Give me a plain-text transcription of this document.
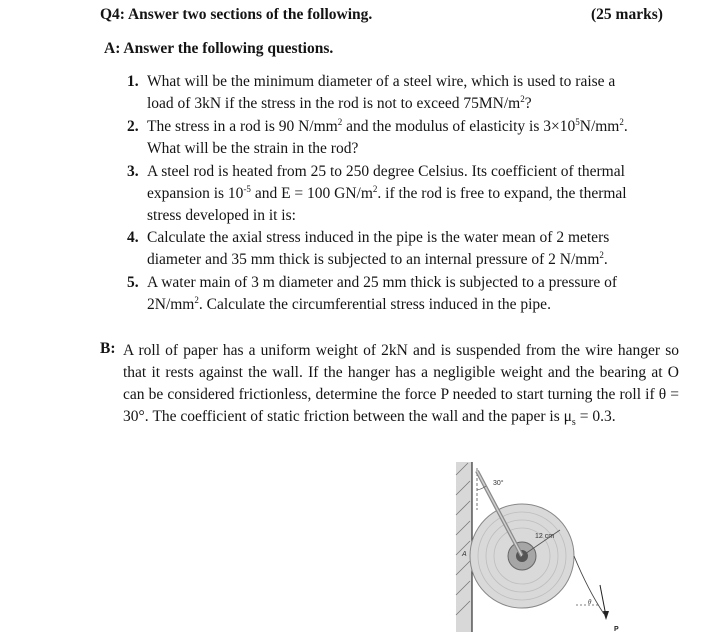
Q4: Answer two sections of the following.	(25 marks)
A: Answer the following questions.
1. What will be the minimum diameter of a steel wire, which is used to raise a
load of 3kN if the stress in the rod is not to exceed $75MN/m^2$?
2. The stress in a rod is 90 $N/mm^2$ and the modulus of elasticity is $3\times 10^5N/mm^2$.
What will be the strain in the rod?
3. A steel rod is heated from 25 to 250 degree Celsius. Its coefficient of thermal
expansion is $10^{-5}$ and E = 100 $GN/m^2$. if the rod is free to expand, the thermal
stress developed in it is:
4. Calculate the axial stress induced in the pipe is the water mean of 2 meters
diameter and 35 mm thick is subjected to an internal pressure of 2 $N/mm^2$.
5. A water main of 3 m diameter and 25 mm thick is subjected to a pressure of
$2N/mm^2$. Calculate the circumferential stress induced in the pipe.
B: A roll of paper has a uniform weight of 2kN and is suspended from the wire hanger so that it rests against the wall. If the hanger has a negligible weight and the bearing at O can be considered frictionless, determine the force P needed to start turning the roll if θ = 30°. The coefficient of static friction between the wall and the paper is $\mu_s = 0.3$.
30°
12 cm
A
θ
P
